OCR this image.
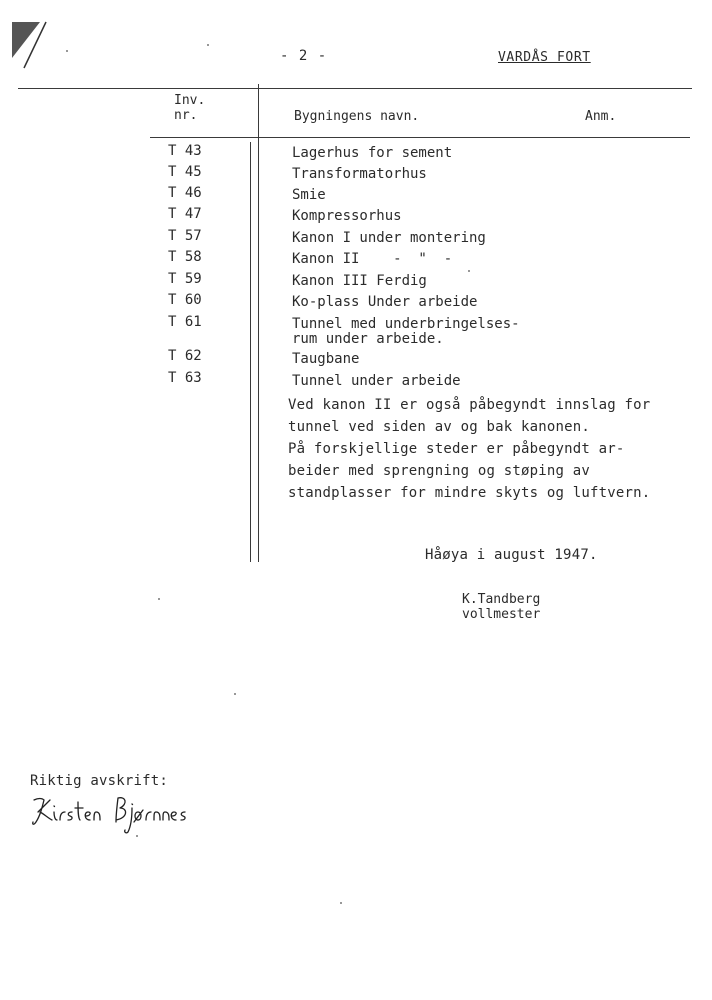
- 2 -	VARDÅS FORT
Inv.
nr.	Bygningens navn.	Anm.
T 43	Lagerhus for sement
T 45	Transformatorhus
T 46	Smie
T 47	Kompressorhus
T 57	Kanon I under montering
T 58	Kanon II    -  "  -
T 59	Kanon III Ferdig
T 60	Ko-plass Under arbeide
T 61	Tunnel med underbringelses-
rum under arbeide.
T 62	Taugbane
T 63	Tunnel under arbeide
Ved kanon II er også påbegyndt innslag for
tunnel ved siden av og bak kanonen.
På forskjellige steder er påbegyndt ar-
beider med sprengning og støping av
standplasser for mindre skyts og luftvern.
Håøya i august 1947.
K.Tandberg
vollmester
Riktig avskrift:
